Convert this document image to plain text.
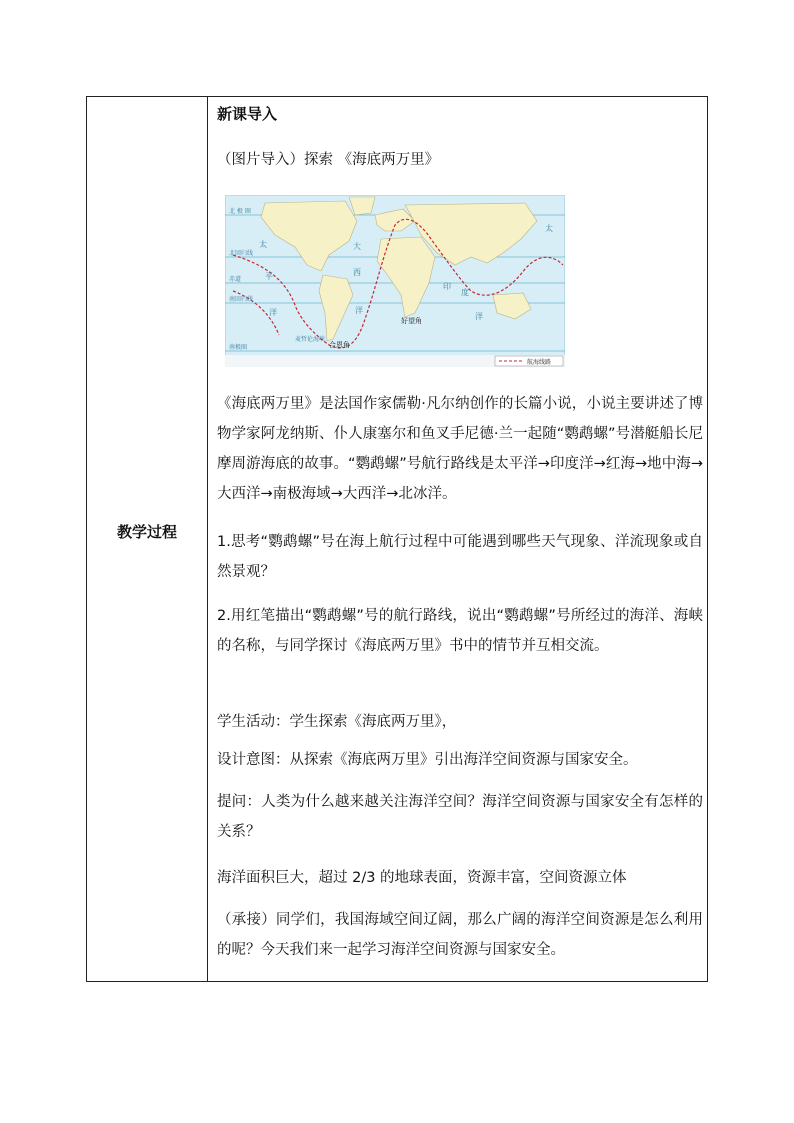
教学过程
新课导入
（图片导入）探索 《海底两万里》
北 极 圈
北回归线
赤道
南回归线
南极圈
麦哲伦海峡
合恩角
好望角
太
平
洋
大
西
洋
印
度
洋
太
航海线路
《海底两万里》是法国作家儒勒·凡尔纳创作的长篇小说，小说主要讲述了博物学家阿龙纳斯、仆人康塞尔和鱼叉手尼德·兰一起随“鹦鹉螺”号潜艇船长尼摩周游海底的故事。“鹦鹉螺”号航行路线是太平洋→印度洋→红海→地中海→大西洋→南极海域→大西洋→北冰洋。
1.思考“鹦鹉螺”号在海上航行过程中可能遇到哪些天气现象、洋流现象或自然景观？
2.用红笔描出“鹦鹉螺”号的航行路线，说出“鹦鹉螺”号所经过的海洋、海峡的名称，与同学探讨《海底两万里》书中的情节并互相交流。
学生活动：学生探索《海底两万里》，
设计意图：从探索《海底两万里》引出海洋空间资源与国家安全。
提问：人类为什么越来越关注海洋空间？海洋空间资源与国家安全有怎样的关系？
海洋面积巨大，超过 2/3 的地球表面，资源丰富，空间资源立体
（承接）同学们，我国海域空间辽阔，那么广阔的海洋空间资源是怎么利用的呢？今天我们来一起学习海洋空间资源与国家安全。
